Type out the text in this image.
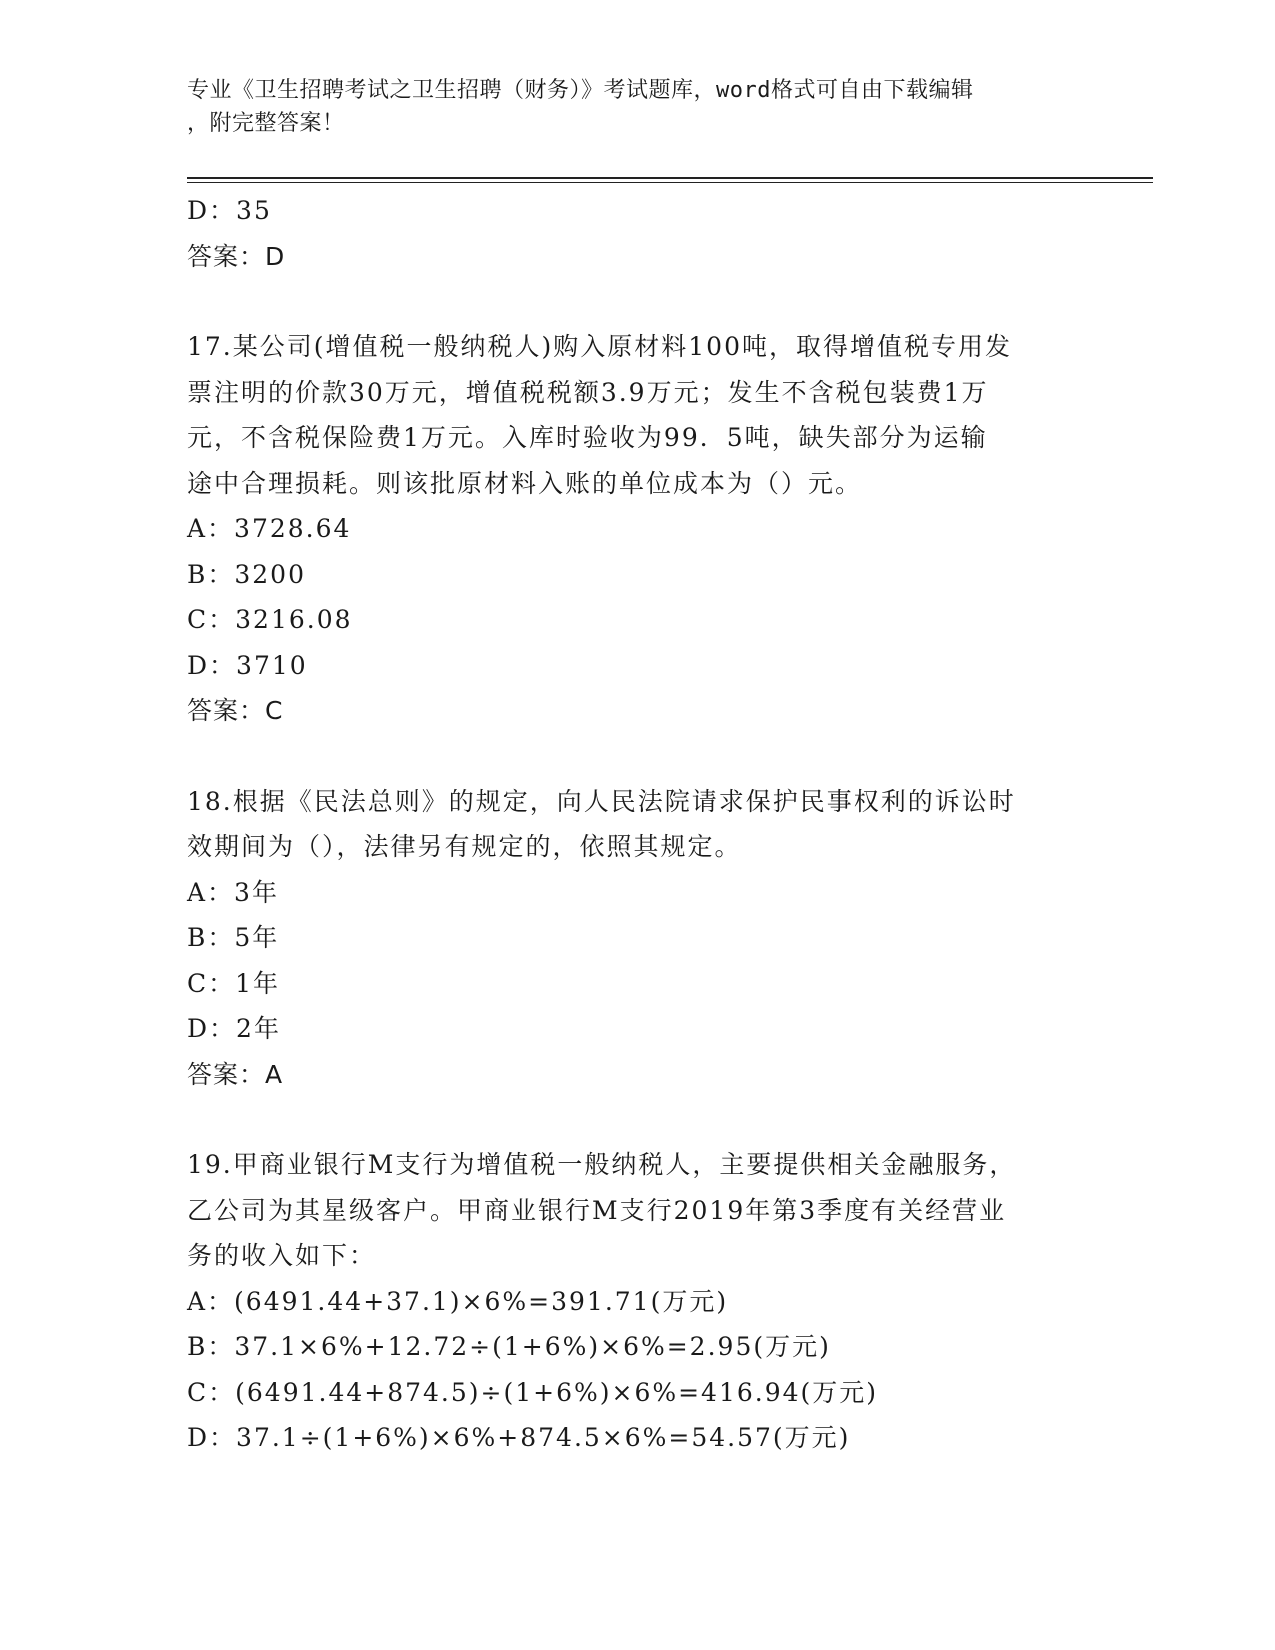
专业《卫生招聘考试之卫生招聘（财务）》考试题库，word格式可自由下载编辑
，附完整答案！
D：35
答案：D
17.某公司(增值税一般纳税人)购入原材料100吨，取得增值税专用发
票注明的价款30万元，增值税税额3.9万元；发生不含税包装费1万
元，不含税保险费1万元。入库时验收为99．5吨，缺失部分为运输
途中合理损耗。则该批原材料入账的单位成本为（）元。
A：3728.64
B：3200
C：3216.08
D：3710
答案：C
18.根据《民法总则》的规定，向人民法院请求保护民事权利的诉讼时
效期间为（），法律另有规定的，依照其规定。
A：3年
B：5年
C：1年
D：2年
答案：A
19.甲商业银行M支行为增值税一般纳税人，主要提供相关金融服务，
乙公司为其星级客户。甲商业银行M支行2019年第3季度有关经营业
务的收入如下：
A：(6491.44+37.1)×6%=391.71(万元)
B：37.1×6%+12.72÷(1+6%)×6%=2.95(万元)
C：(6491.44+874.5)÷(1+6%)×6%=416.94(万元)
D：37.1÷(1+6%)×6%+874.5×6%=54.57(万元)
